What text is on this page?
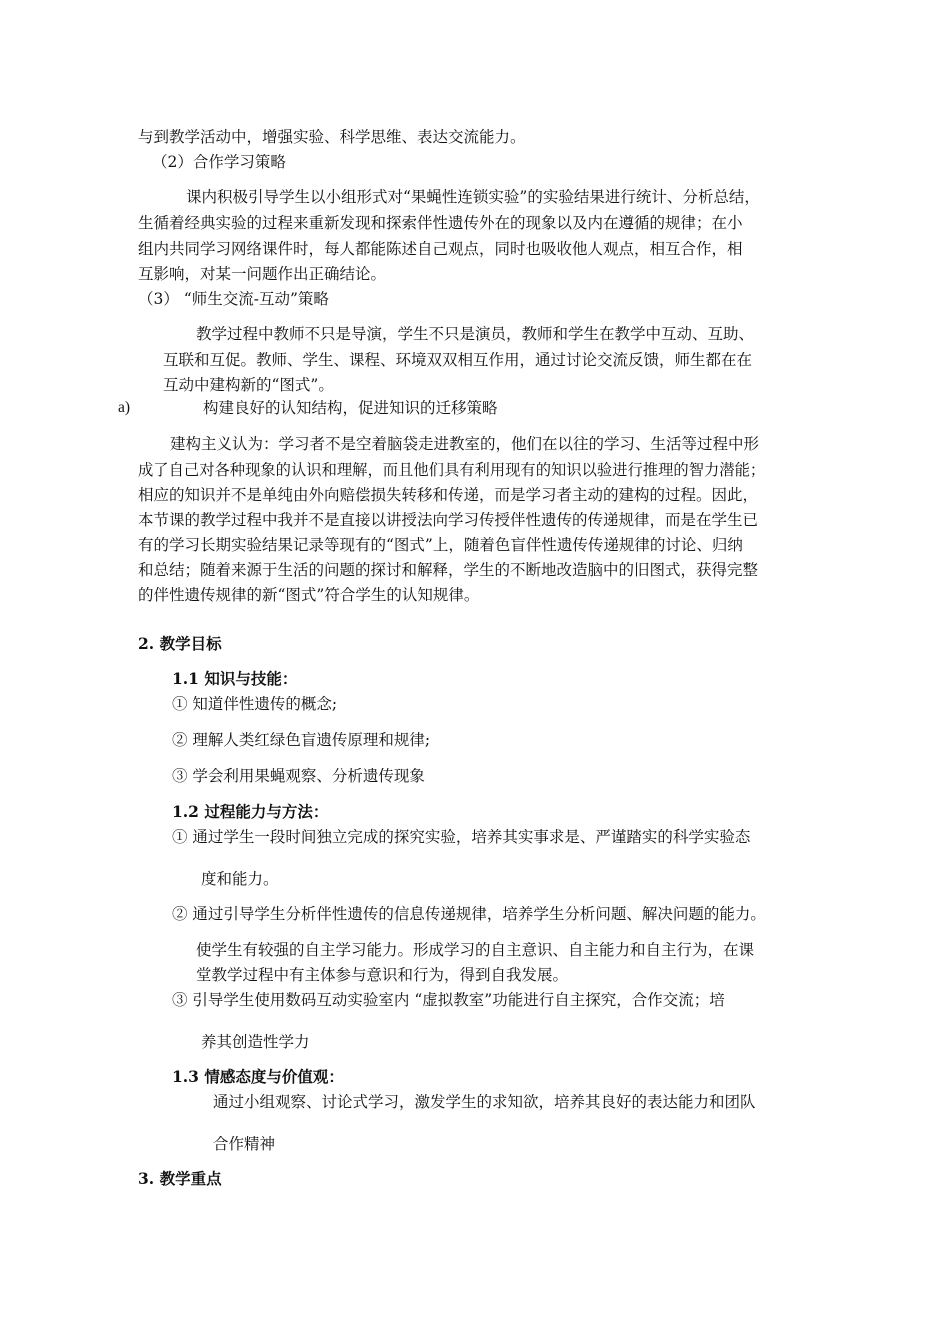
与到教学活动中，增强实验、科学思维、表达交流能力。
（2）合作学习策略
课内积极引导学生以小组形式对“果蝇性连锁实验”的实验结果进行统计、分析总结，
生循着经典实验的过程来重新发现和探索伴性遗传外在的现象以及内在遵循的规律；在小
组内共同学习网络课件时，每人都能陈述自己观点，同时也吸收他人观点，相互合作，相
互影响，对某一问题作出正确结论。
（3） “师生交流-互动”策略
教学过程中教师不只是导演，学生不只是演员，教师和学生在教学中互动、互助、
互联和互促。教师、学生、课程、环境双双相互作用，通过讨论交流反馈，师生都在在
互动中建构新的“图式”。
a)	构建良好的认知结构，促进知识的迁移策略
建构主义认为：学习者不是空着脑袋走进教室的，他们在以往的学习、生活等过程中形
成了自己对各种现象的认识和理解，而且他们具有利用现有的知识以验进行推理的智力潜能；
相应的知识并不是单纯由外向赔偿损失转移和传递，而是学习者主动的建构的过程。因此，
本节课的教学过程中我并不是直接以讲授法向学习传授伴性遗传的传递规律，而是在学生已
有的学习长期实验结果记录等现有的“图式”上，随着色盲伴性遗传传递规律的讨论、归纳
和总结；随着来源于生活的问题的探讨和解释，学生的不断地改造脑中的旧图式，获得完整
的伴性遗传规律的新“图式”符合学生的认知规律。
2. 教学目标
1.1 知识与技能：
① 知道伴性遗传的概念;
② 理解人类红绿色盲遗传原理和规律;
③ 学会利用果蝇观察、分析遗传现象
1.2 过程能力与方法：
① 通过学生一段时间独立完成的探究实验，培养其实事求是、严谨踏实的科学实验态
度和能力。
② 通过引导学生分析伴性遗传的信息传递规律，培养学生分析问题、解决问题的能力。
使学生有较强的自主学习能力。形成学习的自主意识、自主能力和自主行为，在课
堂教学过程中有主体参与意识和行为，得到自我发展。
③ 引导学生使用数码互动实验室内 “虚拟教室”功能进行自主探究，合作交流；培
养其创造性学力
1.3 情感态度与价值观：
通过小组观察、讨论式学习，激发学生的求知欲，培养其良好的表达能力和团队
合作精神
3. 教学重点
